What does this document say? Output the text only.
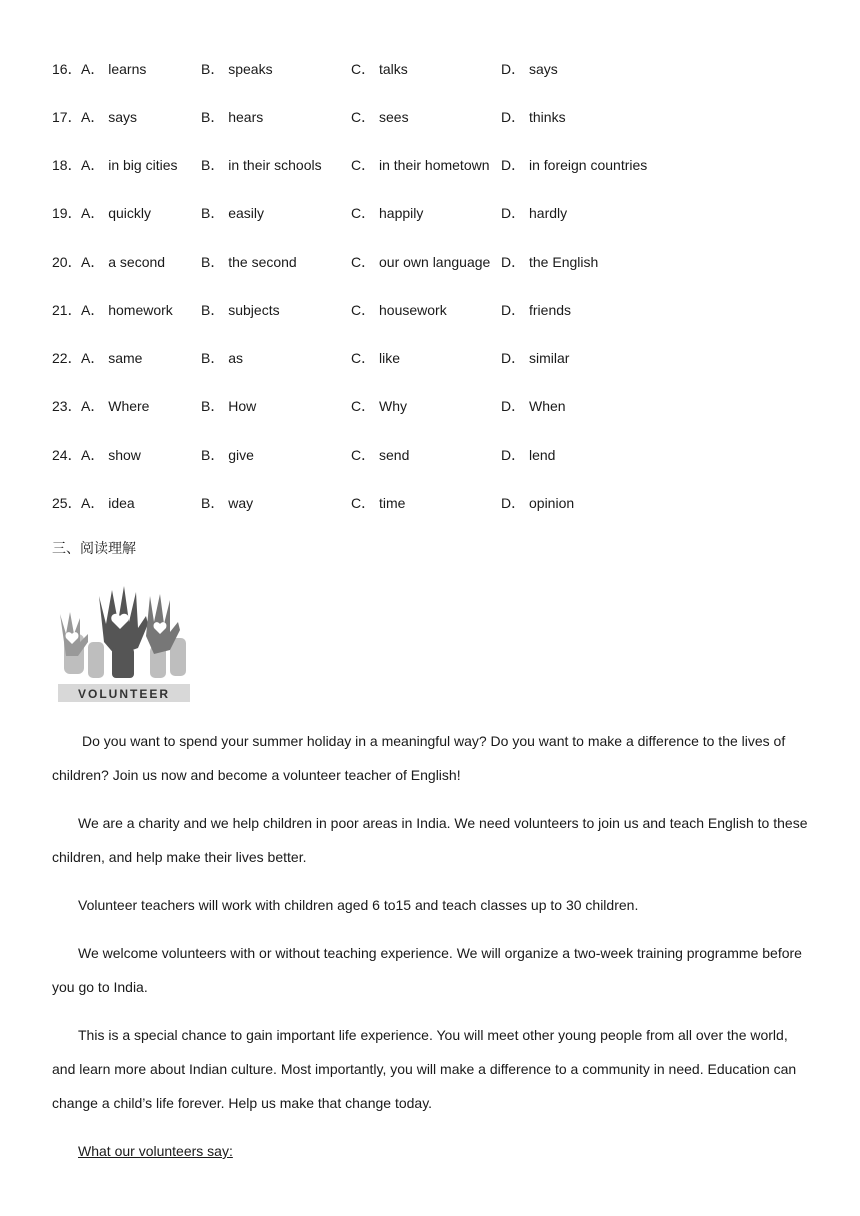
16． A． learns	B． speaks	C． talks	D． says
17． A． says	B． hears	C． sees	D． thinks
18． A． in big cities B． in their schools C． in their hometown D． in foreign countries
19． A． quickly	B． easily	C． happily	D． hardly
20． A． a second	B． the second	C． our own language D． the English
21． A． homework B． subjects	C． housework	D． friends
22． A． same	B． as	C． like	D． similar
23． A． Where	B． How	C． Why	D． When
24． A． show	B． give	C． send	D． lend
25． A． idea	B． way	C． time	D． opinion
三、阅读理解
VOLUNTEER

Do you want to spend your summer holiday in a meaningful way? Do you want to make a difference to the lives of children? Join us now and become a volunteer teacher of English!

We are a charity and we help children in poor areas in India. We need volunteers to join us and teach English to these children, and help make their lives better.

Volunteer teachers will work with children aged 6 to15 and teach classes up to 30 children.

We welcome volunteers with or without teaching experience. We will organize a two-week training programme before you go to India.

This is a special chance to gain important life experience. You will meet other young people from all over the world, and learn more about Indian culture. Most importantly, you will make a difference to a community in need. Education can change a child’s life forever. Help us make that change today.

What our volunteers say:
